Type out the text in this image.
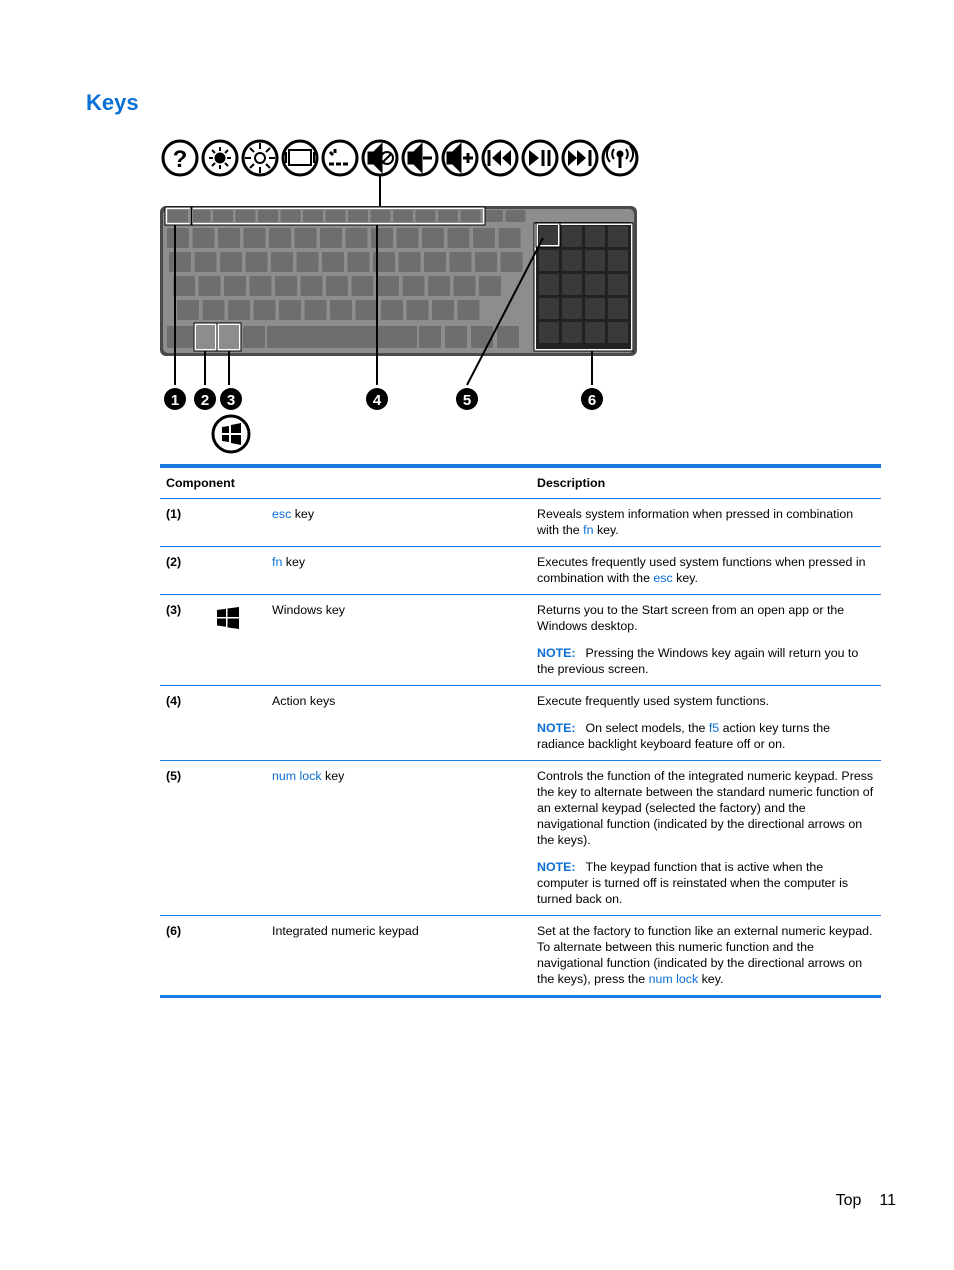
Keys
?
1 2 3	4	5	6
Component	Description
(1)	esc key	Reveals system information when pressed in combination with the fn key.

(2)	fn key	Executes frequently used system functions when pressed in combination with the esc key.

(3)	Windows key	Returns you to the Start screen from an open app or the Windows desktop.

NOTE: Pressing the Windows key again will return you to the previous screen.

(4)	Action keys	Execute frequently used system functions.

NOTE: On select models, the f5 action key turns the radiance backlight keyboard feature off or on.

(5)	num lock key	Controls the function of the integrated numeric keypad. Press the key to alternate between the standard numeric function of an external keypad (selected the factory) and the navigational function (indicated by the directional arrows on the keys).

NOTE: The keypad function that is active when the computer is turned off is reinstated when the computer is turned back on.

(6)	Integrated numeric keypad	Set at the factory to function like an external numeric keypad. To alternate between this numeric function and the navigational function (indicated by the directional arrows on the keys), press the num lock key.

Top 11
